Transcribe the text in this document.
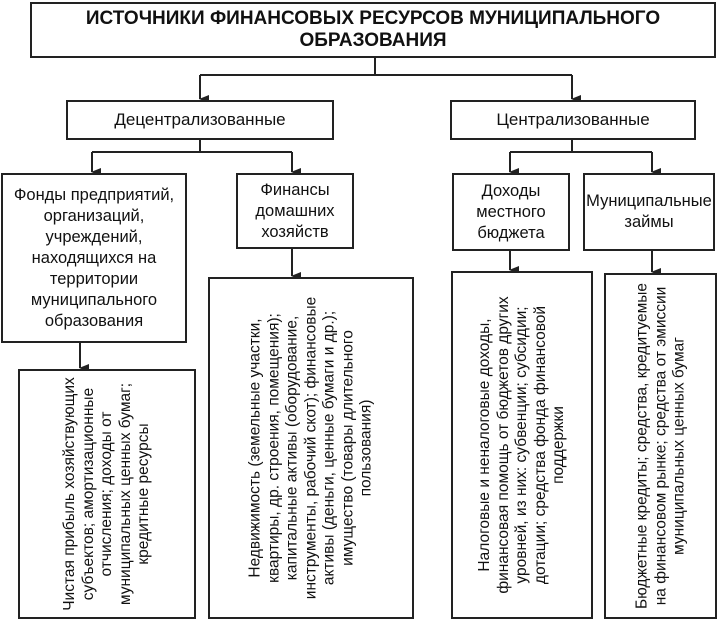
ИСТОЧНИКИ ФИНАНСОВЫХ РЕСУРСОВ МУНИЦИПАЛЬНОГО ОБРАЗОВАНИЯ
Децентрализованные	Централизованные
Фонды предприятий, организаций, учреждений, находящихся на территории муниципального образования
Финансы домашних хозяйств
Доходы местного бюджета
Муниципальные займы
Чистая прибыль хозяйствующих субъектов; амортизационные отчисления; доходы от муниципальных ценных бумаг; кредитные ресурсы	Недвижимость (земельные участки, квартиры, др. строения, помещения); капитальные активы (оборудование, инструменты, рабочий скот); финансовые активы (деньги, ценные бумаги и др.); имущество (товары длительного пользования)	Налоговые и неналоговые доходы, финансовая помощь от бюджетов других уровней, из них: субвенции; субсидии; дотации; средства фонда финансовой поддержки	Бюджетные кредиты; средства, кредитуемые на финансовом рынке; средства от эмиссии муниципальных ценных бумаг
